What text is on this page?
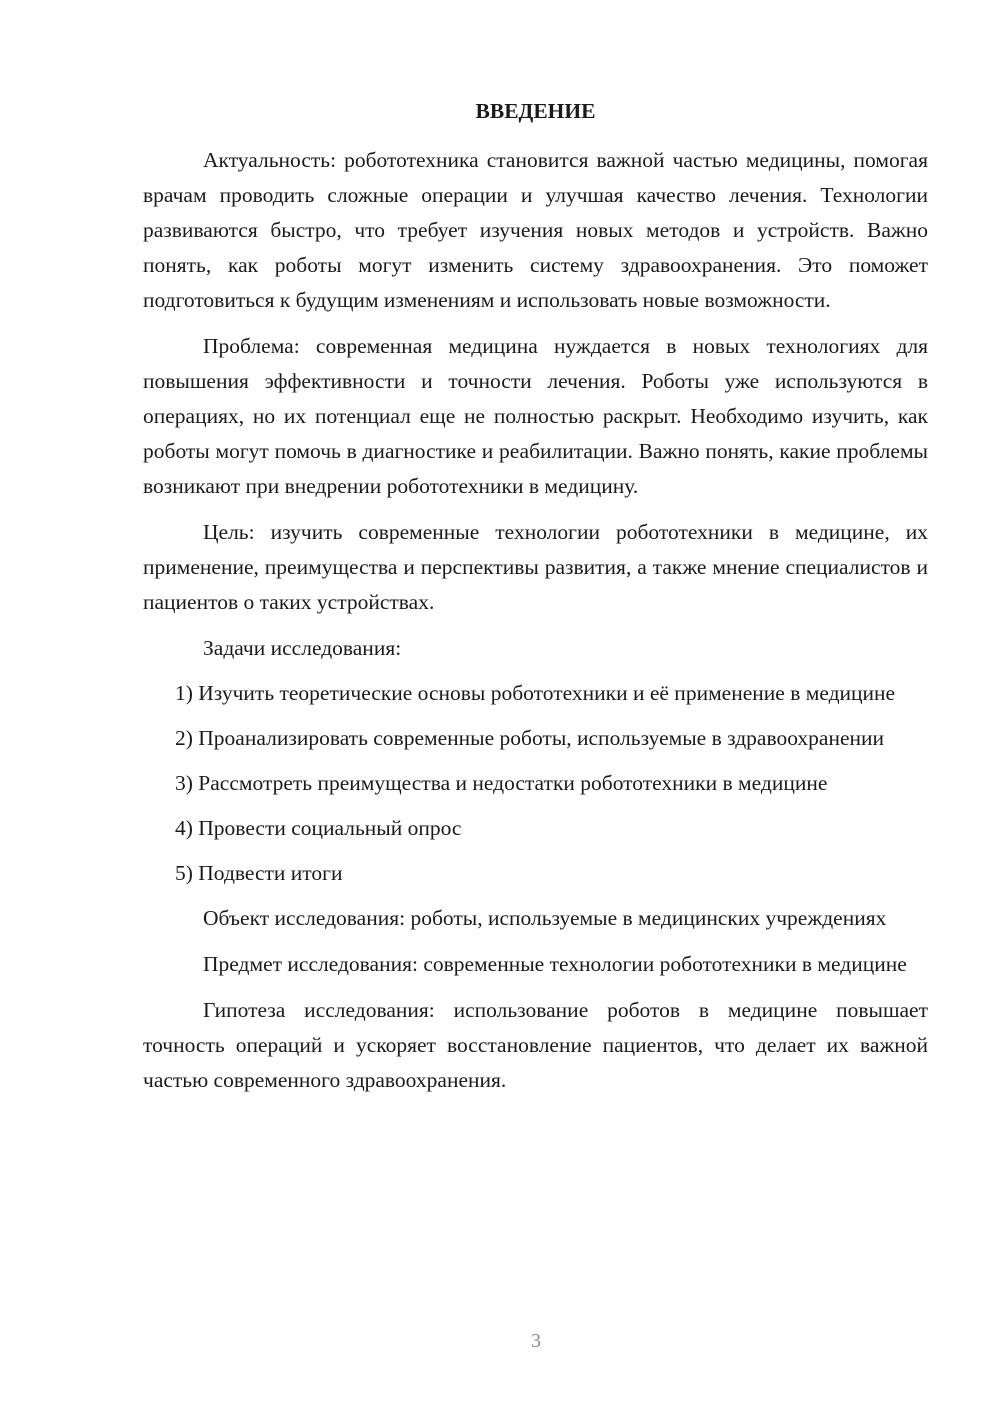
ВВЕДЕНИЕ

Актуальность: робототехника становится важной частью медицины, помогая врачам проводить сложные операции и улучшая качество лечения. Технологии развиваются быстро, что требует изучения новых методов и устройств. Важно понять, как роботы могут изменить систему здравоохранения. Это поможет подготовиться к будущим изменениям и использовать новые возможности.

Проблема: современная медицина нуждается в новых технологиях для повышения эффективности и точности лечения. Роботы уже используются в операциях, но их потенциал еще не полностью раскрыт. Необходимо изучить, как роботы могут помочь в диагностике и реабилитации. Важно понять, какие проблемы возникают при внедрении робототехники в медицину.

Цель: изучить современные технологии робототехники в медицине, их применение, преимущества и перспективы развития, а также мнение специалистов и пациентов о таких устройствах.

Задачи исследования:

1) Изучить теоретические основы робототехники и её применение в медицине

2) Проанализировать современные роботы, используемые в здравоохранении

3) Рассмотреть преимущества и недостатки робототехники в медицине

4) Провести социальный опрос

5) Подвести итоги

Объект исследования: роботы, используемые в медицинских учреждениях

Предмет исследования: современные технологии робототехники в медицине

Гипотеза исследования: использование роботов в медицине повышает точность операций и ускоряет восстановление пациентов, что делает их важной частью современного здравоохранения.

3
